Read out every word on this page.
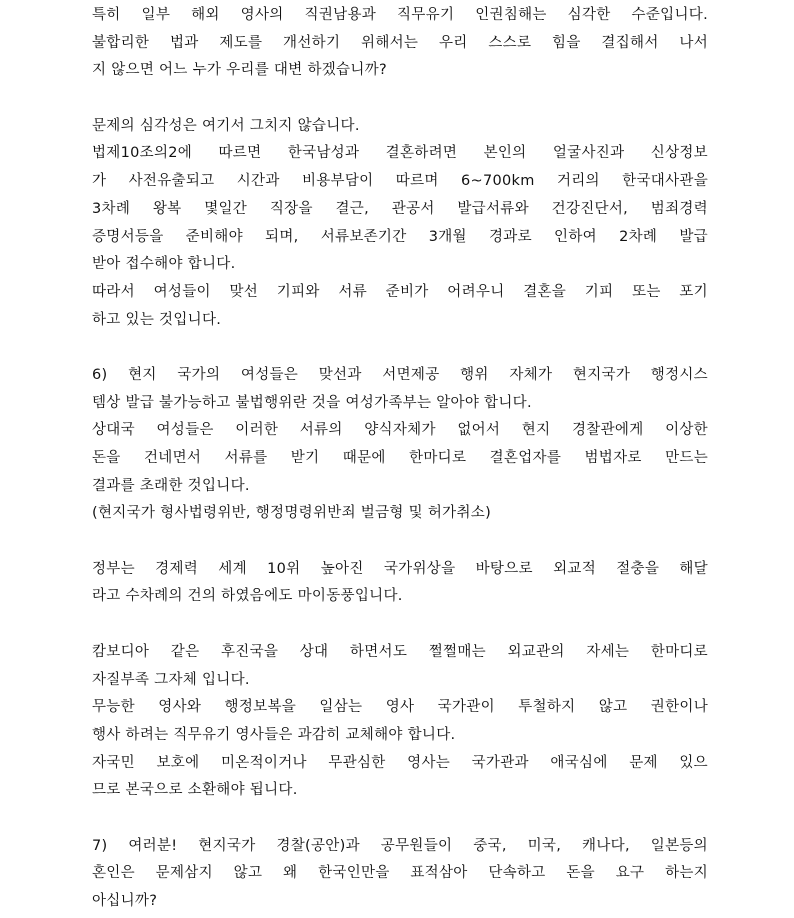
특히 일부 해외 영사의 직권남용과 직무유기 인권침해는 심각한 수준입니다.
불합리한 법과 제도를 개선하기 위해서는 우리 스스로 힘을 결집해서 나서
지 않으면 어느 누가 우리를 대변 하겠습니까?
문제의 심각성은 여기서 그치지 않습니다.
법제10조의2에 따르면 한국남성과 결혼하려면 본인의 얼굴사진과 신상정보
가 사전유출되고 시간과 비용부담이 따르며 6~700km 거리의 한국대사관을
3차례 왕복 몇일간 직장을 결근, 관공서 발급서류와 건강진단서, 범죄경력
증명서등을 준비해야 되며, 서류보존기간 3개월 경과로 인하여 2차례 발급
받아 접수해야 합니다.
따라서 여성들이 맞선 기피와 서류 준비가 어려우니 결혼을 기피 또는 포기
하고 있는 것입니다.
6) 현지 국가의 여성들은 맞선과 서면제공 행위 자체가 현지국가 행정시스
템상 발급 불가능하고 불법행위란 것을 여성가족부는 알아야 합니다.
상대국 여성들은 이러한 서류의 양식자체가 없어서 현지 경찰관에게 이상한
돈을 건네면서 서류를 받기 때문에 한마디로 결혼업자를 범법자로 만드는
결과를 초래한 것입니다.
(현지국가 형사법령위반, 행정명령위반죄 벌금형 및 허가취소)
정부는 경제력 세계 10위 높아진 국가위상을 바탕으로 외교적 절충을 해달
라고 수차례의 건의 하였음에도 마이동풍입니다.
캄보디아 같은 후진국을 상대 하면서도 쩔쩔매는 외교관의 자세는 한마디로
자질부족 그자체 입니다.
무능한 영사와 행정보복을 일삼는 영사 국가관이 투철하지 않고 권한이나
행사 하려는 직무유기 영사들은 과감히 교체해야 합니다.
자국민 보호에 미온적이거나 무관심한 영사는 국가관과 애국심에 문제 있으
므로 본국으로 소환해야 됩니다.
7) 여러분! 현지국가 경찰(공안)과 공무원들이 중국, 미국, 캐나다, 일본등의
혼인은 문제삼지 않고 왜 한국인만을 표적삼아 단속하고 돈을 요구 하는지
아십니까?
